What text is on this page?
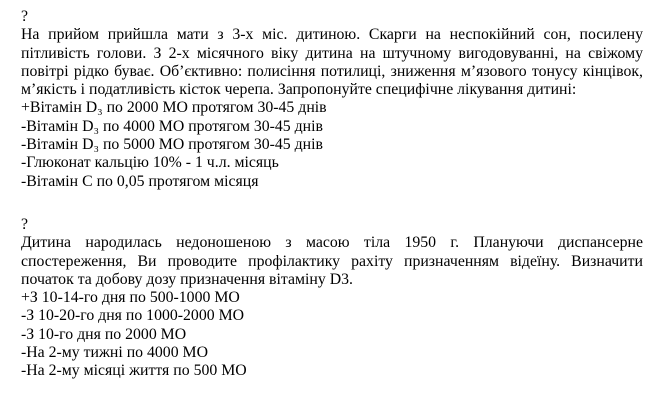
?
На прийом прийшла мати з 3-х міс. дитиною. Скарги на неспокійний сон, посилену пітливість голови. З 2-х місячного віку дитина на штучному вигодовуванні, на свіжому повітрі рідко буває. Об’єктивно: полисіння потилиці, зниження м’язового тонусу кінцівок, м’якість і податливість кісток черепа. Запропонуйте специфічне лікування дитині:
+Вітамін D₃ по 2000 МО протягом 30-45 днів
-Вітамін D₃ по 4000 МО протягом 30-45 днів
-Вітамін D₃ по 5000 МО протягом 30-45 днів
-Глюконат кальцію 10% - 1 ч.л. місяць
-Вітамін С по 0,05 протягом місяця
?
Дитина народилась недоношеною з масою тіла 1950 г. Плануючи диспансерне спостереження, Ви проводите профілактику рахіту призначенням відеїну. Визначити початок та добову дозу призначення вітаміну D3.
+З 10-14-го дня по 500-1000 МО
-З 10-20-го дня по 1000-2000 МО
-З 10-го дня по 2000 МО
-На 2-му тижні по 4000 МО
-На 2-му місяці життя по 500 МО
